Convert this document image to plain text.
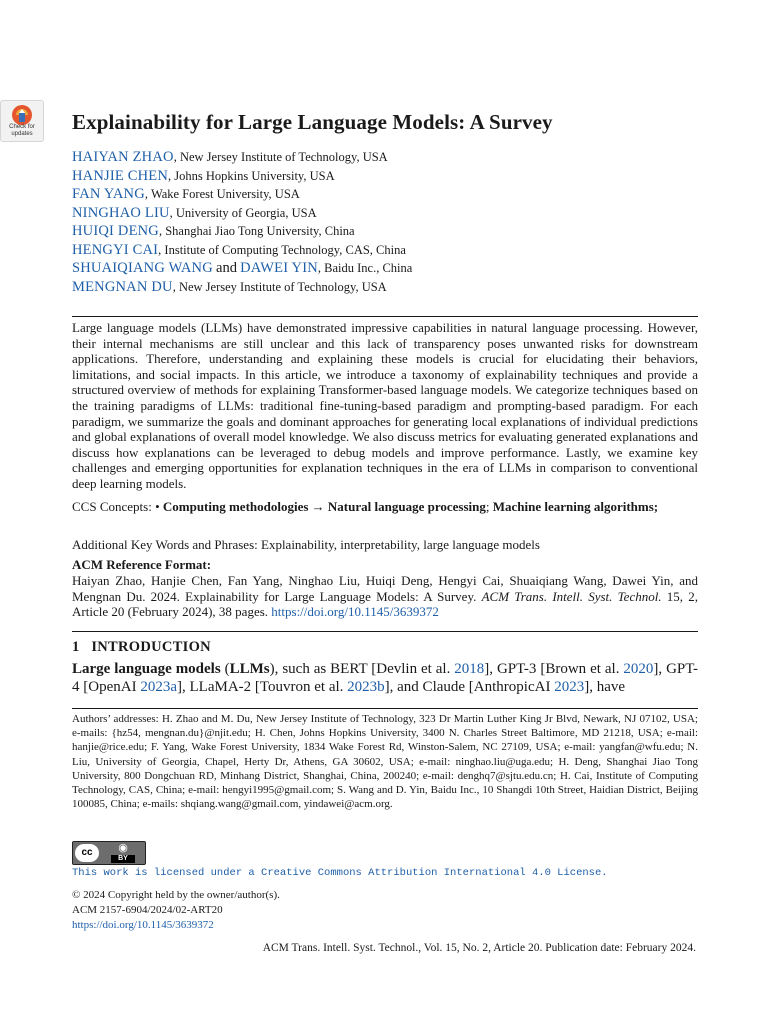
Check for
updates	Explainability for Large Language Models: A Survey
HAIYAN ZHAO, New Jersey Institute of Technology, USA
HANJIE CHEN, Johns Hopkins University, USA
FAN YANG, Wake Forest University, USA
NINGHAO LIU, University of Georgia, USA
HUIQI DENG, Shanghai Jiao Tong University, China
HENGYI CAI, Institute of Computing Technology, CAS, China
SHUAIQIANG WANG and DAWEI YIN, Baidu Inc., China
MENGNAN DU, New Jersey Institute of Technology, USA
Large language models (LLMs) have demonstrated impressive capabilities in natural language processing. However, their internal mechanisms are still unclear and this lack of transparency poses unwanted risks for downstream applications. Therefore, understanding and explaining these models is crucial for elucidating their behaviors, limitations, and social impacts. In this article, we introduce a taxonomy of explainability techniques and provide a structured overview of methods for explaining Transformer-based language models. We categorize techniques based on the training paradigms of LLMs: traditional fine-tuning-based paradigm and prompting-based paradigm. For each paradigm, we summarize the goals and dominant approaches for generating local explanations of individual predictions and global explanations of overall model knowledge. We also discuss metrics for evaluating generated explanations and discuss how explanations can be leveraged to debug models and improve performance. Lastly, we examine key challenges and emerging opportunities for explanation techniques in the era of LLMs in comparison to conventional deep learning models.
CCS Concepts: • Computing methodologies → Natural language processing; Machine learning algorithms;
Additional Key Words and Phrases: Explainability, interpretability, large language models
ACM Reference Format:
Haiyan Zhao, Hanjie Chen, Fan Yang, Ninghao Liu, Huiqi Deng, Hengyi Cai, Shuaiqiang Wang, Dawei Yin, and Mengnan Du. 2024. Explainability for Large Language Models: A Survey. ACM Trans. Intell. Syst. Technol. 15, 2, Article 20 (February 2024), 38 pages. https://doi.org/10.1145/3639372
1 INTRODUCTION
Large language models (LLMs), such as BERT [Devlin et al. 2018], GPT-3 [Brown et al. 2020], GPT-4 [OpenAI 2023a], LLaMA-2 [Touvron et al. 2023b], and Claude [AnthropicAI 2023], have
Authors’ addresses: H. Zhao and M. Du, New Jersey Institute of Technology, 323 Dr Martin Luther King Jr Blvd, Newark, NJ 07102, USA; e-mails: {hz54, mengnan.du}@njit.edu; H. Chen, Johns Hopkins University, 3400 N. Charles Street Baltimore, MD 21218, USA; e-mail: hanjie@rice.edu; F. Yang, Wake Forest University, 1834 Wake Forest Rd, Winston-Salem, NC 27109, USA; e-mail: yangfan@wfu.edu; N. Liu, University of Georgia, Chapel, Herty Dr, Athens, GA 30602, USA; e-mail: ninghao.liu@uga.edu; H. Deng, Shanghai Jiao Tong University, 800 Dongchuan RD, Minhang District, Shanghai, China, 200240; e-mail: denghq7@sjtu.edu.cn; H. Cai, Institute of Computing Technology, CAS, China; e-mail: hengyi1995@gmail.com; S. Wang and D. Yin, Baidu Inc., 10 Shangdi 10th Street, Haidian District, Beijing 100085, China; e-mails: shqiang.wang@gmail.com, yindawei@acm.org.
cc	◉
BY
This work is licensed under a Creative Commons Attribution International 4.0 License.
© 2024 Copyright held by the owner/author(s).
ACM 2157-6904/2024/02-ART20
https://doi.org/10.1145/3639372
ACM Trans. Intell. Syst. Technol., Vol. 15, No. 2, Article 20. Publication date: February 2024.
